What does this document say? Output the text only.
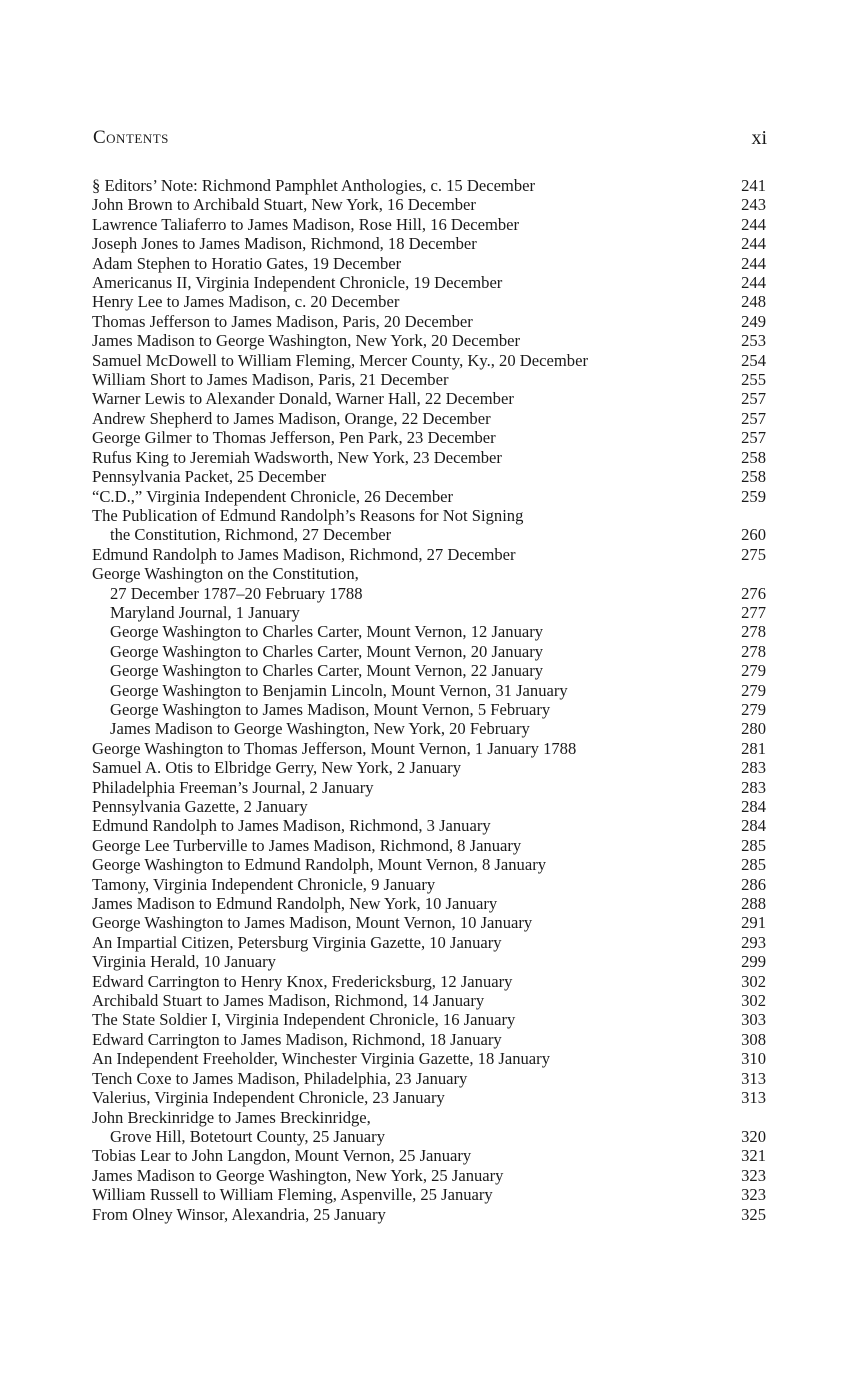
Contents	xi
§ Editors’ Note: Richmond Pamphlet Anthologies, c. 15 December	241
John Brown to Archibald Stuart, New York, 16 December	243
Lawrence Taliaferro to James Madison, Rose Hill, 16 December	244
Joseph Jones to James Madison, Richmond, 18 December	244
Adam Stephen to Horatio Gates, 19 December	244
Americanus II, Virginia Independent Chronicle, 19 December	244
Henry Lee to James Madison, c. 20 December	248
Thomas Jefferson to James Madison, Paris, 20 December	249
James Madison to George Washington, New York, 20 December	253
Samuel McDowell to William Fleming, Mercer County, Ky., 20 December	254
William Short to James Madison, Paris, 21 December	255
Warner Lewis to Alexander Donald, Warner Hall, 22 December	257
Andrew Shepherd to James Madison, Orange, 22 December	257
George Gilmer to Thomas Jefferson, Pen Park, 23 December	257
Rufus King to Jeremiah Wadsworth, New York, 23 December	258
Pennsylvania Packet, 25 December	258
“C.D.,” Virginia Independent Chronicle, 26 December	259
The Publication of Edmund Randolph’s Reasons for Not Signing
the Constitution, Richmond, 27 December	260
Edmund Randolph to James Madison, Richmond, 27 December	275
George Washington on the Constitution,
27 December 1787–20 February 1788	276
Maryland Journal, 1 January	277
George Washington to Charles Carter, Mount Vernon, 12 January	278
George Washington to Charles Carter, Mount Vernon, 20 January	278
George Washington to Charles Carter, Mount Vernon, 22 January	279
George Washington to Benjamin Lincoln, Mount Vernon, 31 January	279
George Washington to James Madison, Mount Vernon, 5 February	279
James Madison to George Washington, New York, 20 February	280
George Washington to Thomas Jefferson, Mount Vernon, 1 January 1788	281
Samuel A. Otis to Elbridge Gerry, New York, 2 January	283
Philadelphia Freeman’s Journal, 2 January	283
Pennsylvania Gazette, 2 January	284
Edmund Randolph to James Madison, Richmond, 3 January	284
George Lee Turberville to James Madison, Richmond, 8 January	285
George Washington to Edmund Randolph, Mount Vernon, 8 January	285
Tamony, Virginia Independent Chronicle, 9 January	286
James Madison to Edmund Randolph, New York, 10 January	288
George Washington to James Madison, Mount Vernon, 10 January	291
An Impartial Citizen, Petersburg Virginia Gazette, 10 January	293
Virginia Herald, 10 January	299
Edward Carrington to Henry Knox, Fredericksburg, 12 January	302
Archibald Stuart to James Madison, Richmond, 14 January	302
The State Soldier I, Virginia Independent Chronicle, 16 January	303
Edward Carrington to James Madison, Richmond, 18 January	308
An Independent Freeholder, Winchester Virginia Gazette, 18 January	310
Tench Coxe to James Madison, Philadelphia, 23 January	313
Valerius, Virginia Independent Chronicle, 23 January	313
John Breckinridge to James Breckinridge,
Grove Hill, Botetourt County, 25 January	320
Tobias Lear to John Langdon, Mount Vernon, 25 January	321
James Madison to George Washington, New York, 25 January	323
William Russell to William Fleming, Aspenville, 25 January	323
From Olney Winsor, Alexandria, 25 January	325
